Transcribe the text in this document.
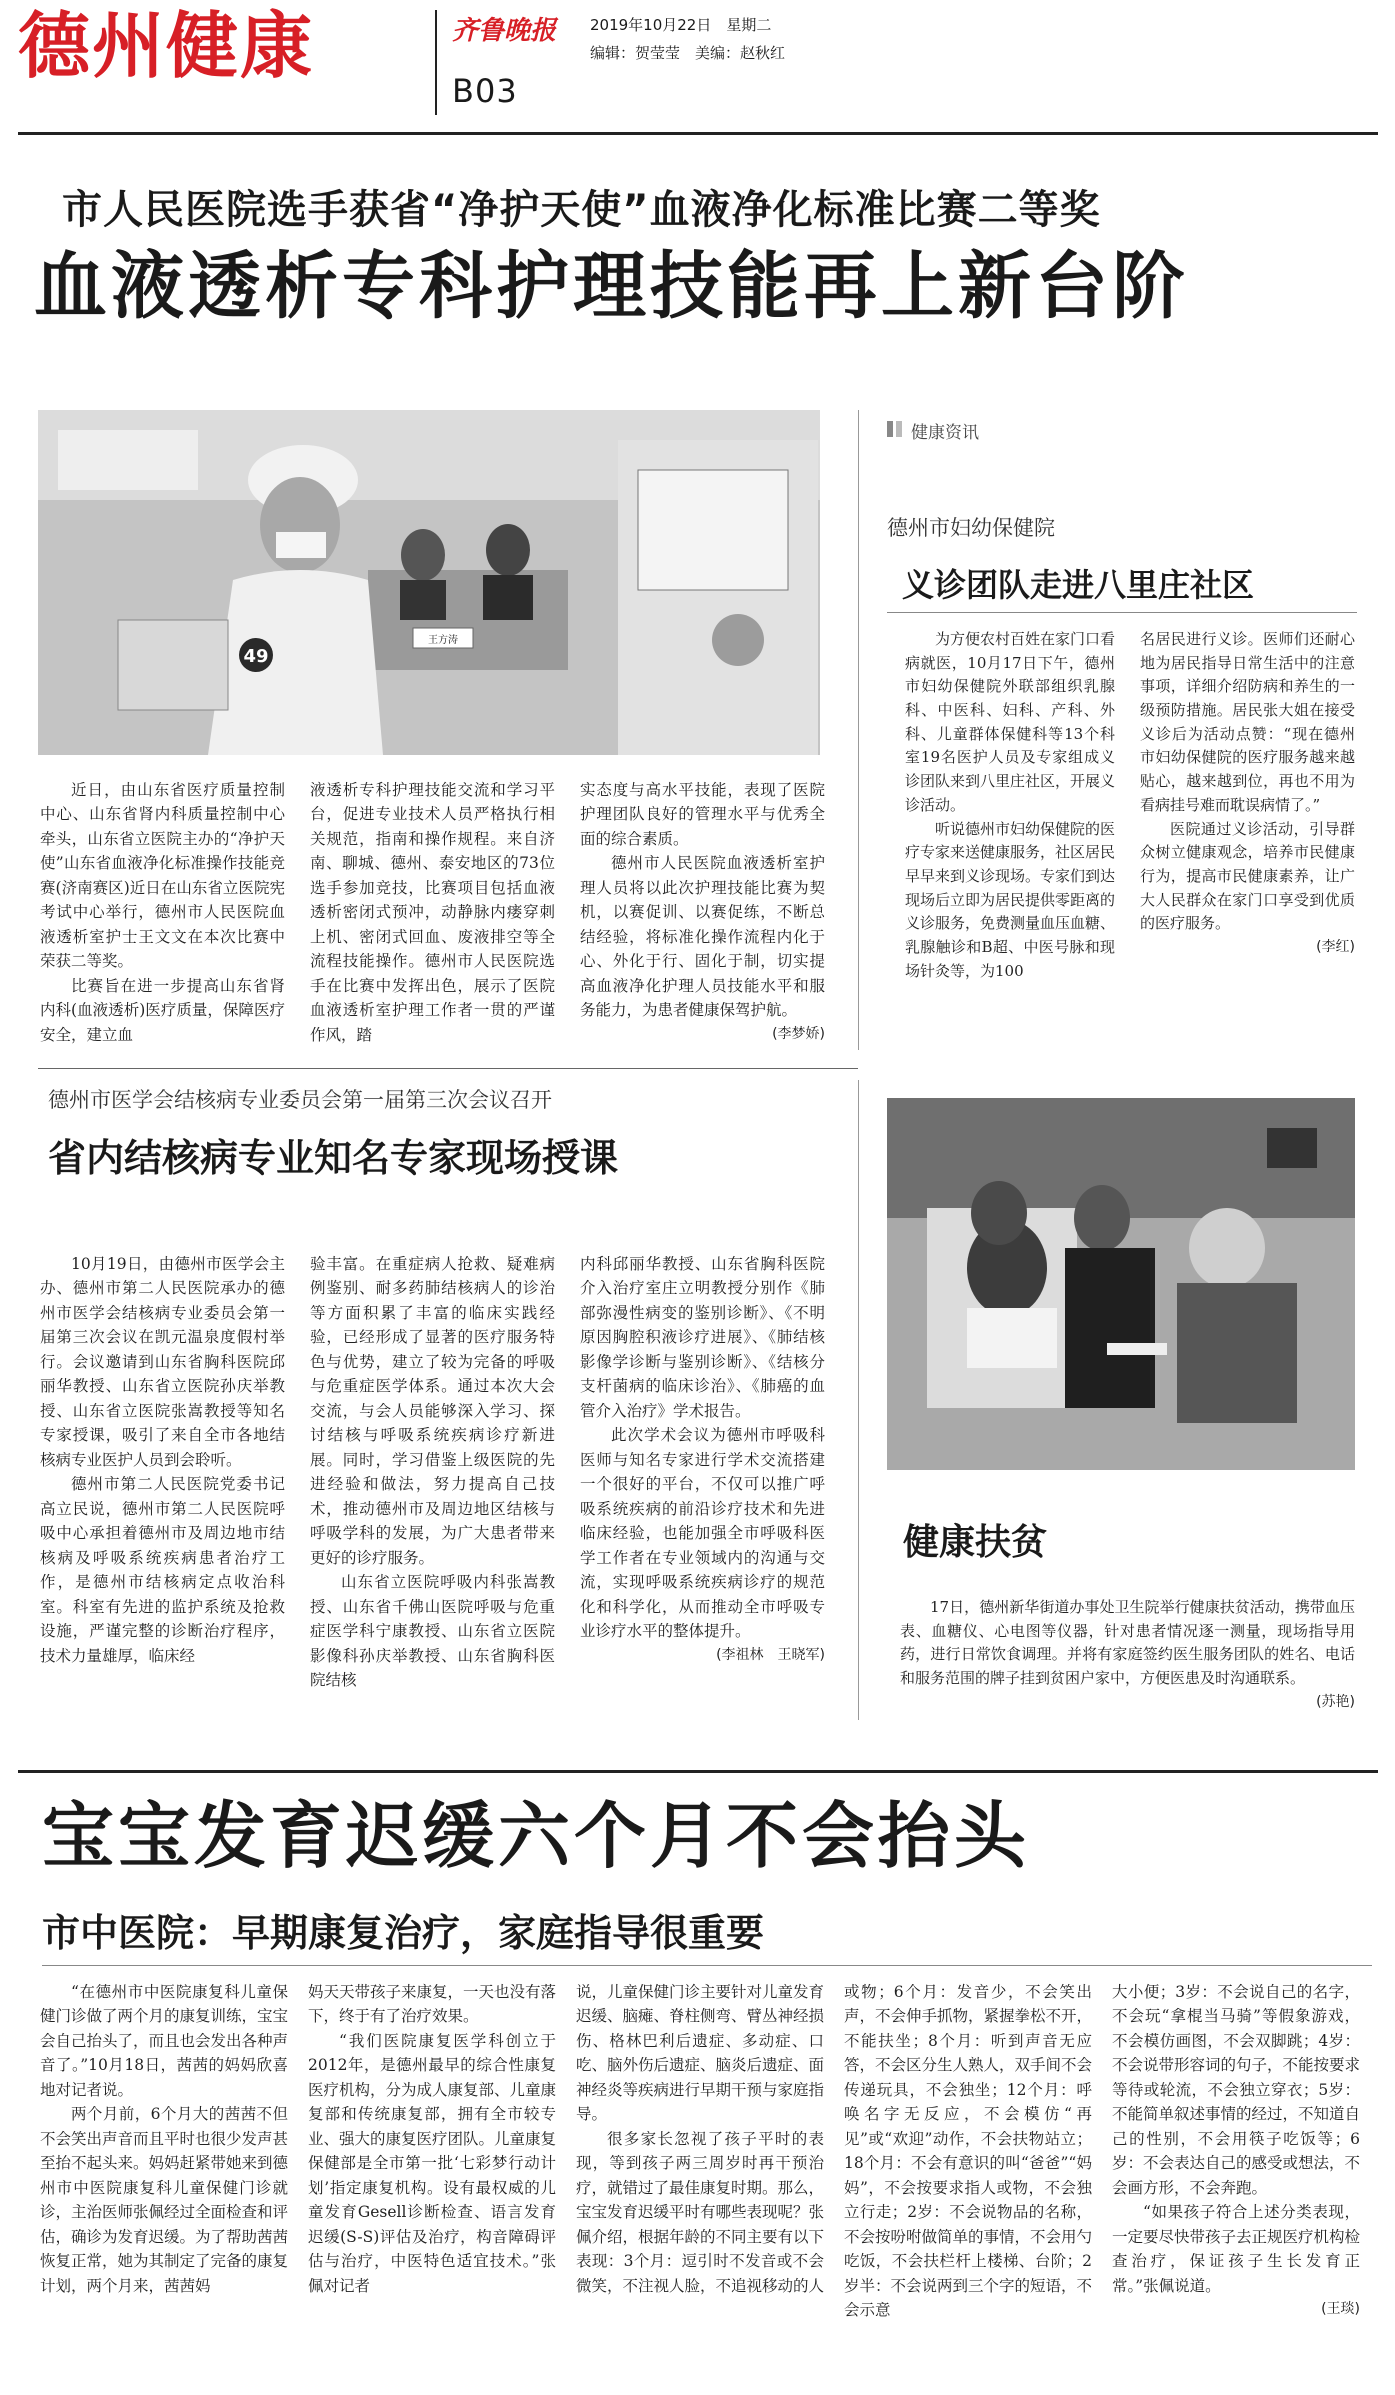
德州健康	齐鲁晚报
B03
2019年10月22日　星期二
编辑：贺莹莹　美编：赵秋红
市人民医院选手获省“净护天使”血液净化标准比赛二等奖
血液透析专科护理技能再上新台阶
49
王方涛

近日，由山东省医疗质量控制中心、山东省肾内科质量控制中心牵头，山东省立医院主办的“净护天使”山东省血液净化标准操作技能竞赛(济南赛区)近日在山东省立医院宪考试中心举行，德州市人民医院血液透析室护士王文文在本次比赛中荣获二等奖。

比赛旨在进一步提高山东省肾内科(血液透析)医疗质量，保障医疗安全，建立血

液透析专科护理技能交流和学习平台，促进专业技术人员严格执行相关规范，指南和操作规程。来自济南、聊城、德州、泰安地区的73位选手参加竞技，比赛项目包括血液透析密闭式预冲，动静脉内瘘穿刺上机、密闭式回血、废液排空等全流程技能操作。德州市人民医院选手在比赛中发挥出色，展示了医院血液透析室护理工作者一贯的严谨作风，踏

实态度与高水平技能，表现了医院护理团队良好的管理水平与优秀全面的综合素质。

德州市人民医院血液透析室护理人员将以此次护理技能比赛为契机，以赛促训、以赛促练，不断总结经验，将标准化操作流程内化于心、外化于行、固化于制，切实提高血液净化护理人员技能水平和服务能力，为患者健康保驾护航。

(李梦娇)
健康资讯
德州市妇幼保健院
义诊团队走进八里庄社区

为方便农村百姓在家门口看病就医，10月17日下午，德州市妇幼保健院外联部组织乳腺科、中医科、妇科、产科、外科、儿童群体保健科等13个科室19名医护人员及专家组成义诊团队来到八里庄社区，开展义诊活动。

听说德州市妇幼保健院的医疗专家来送健康服务，社区居民早早来到义诊现场。专家们到达现场后立即为居民提供零距离的义诊服务，免费测量血压血糖、乳腺触诊和B超、中医号脉和现场针灸等，为100

名居民进行义诊。医师们还耐心地为居民指导日常生活中的注意事项，详细介绍防病和养生的一级预防措施。居民张大姐在接受义诊后为活动点赞：“现在德州市妇幼保健院的医疗服务越来越贴心，越来越到位，再也不用为看病挂号难而耽误病情了。”

医院通过义诊活动，引导群众树立健康观念，培养市民健康行为，提高市民健康素养，让广大人民群众在家门口享受到优质的医疗服务。

(李红)
德州市医学会结核病专业委员会第一届第三次会议召开
省内结核病专业知名专家现场授课

10月19日，由德州市医学会主办、德州市第二人民医院承办的德州市医学会结核病专业委员会第一届第三次会议在凯元温泉度假村举行。会议邀请到山东省胸科医院邱丽华教授、山东省立医院孙庆举教授、山东省立医院张嵩教授等知名专家授课，吸引了来自全市各地结核病专业医护人员到会聆听。

德州市第二人民医院党委书记高立民说，德州市第二人民医院呼吸中心承担着德州市及周边地市结核病及呼吸系统疾病患者治疗工作，是德州市结核病定点收治科室。科室有先进的监护系统及抢救设施，严谨完整的诊断治疗程序，技术力量雄厚，临床经

验丰富。在重症病人抢救、疑难病例鉴别、耐多药肺结核病人的诊治等方面积累了丰富的临床实践经验，已经形成了显著的医疗服务特色与优势，建立了较为完备的呼吸与危重症医学体系。通过本次大会交流，与会人员能够深入学习、探讨结核与呼吸系统疾病诊疗新进展。同时，学习借鉴上级医院的先进经验和做法，努力提高自己技术，推动德州市及周边地区结核与呼吸学科的发展，为广大患者带来更好的诊疗服务。

山东省立医院呼吸内科张嵩教授、山东省千佛山医院呼吸与危重症医学科宁康教授、山东省立医院影像科孙庆举教授、山东省胸科医院结核

内科邱丽华教授、山东省胸科医院介入治疗室庄立明教授分别作《肺部弥漫性病变的鉴别诊断》、《不明原因胸腔积液诊疗进展》、《肺结核影像学诊断与鉴别诊断》、《结核分支杆菌病的临床诊治》、《肺癌的血管介入治疗》学术报告。

此次学术会议为德州市呼吸科医师与知名专家进行学术交流搭建一个很好的平台，不仅可以推广呼吸系统疾病的前沿诊疗技术和先进临床经验，也能加强全市呼吸科医学工作者在专业领域内的沟通与交流，实现呼吸系统疾病诊疗的规范化和科学化，从而推动全市呼吸专业诊疗水平的整体提升。

(李祖林　王晓军)
健康扶贫

17日，德州新华街道办事处卫生院举行健康扶贫活动，携带血压表、血糖仪、心电图等仪器，针对患者情况逐一测量，现场指导用药，进行日常饮食调理。并将有家庭签约医生服务团队的姓名、电话和服务范围的牌子挂到贫困户家中，方便医患及时沟通联系。

(苏艳)
宝宝发育迟缓六个月不会抬头
市中医院：早期康复治疗，家庭指导很重要

“在德州市中医院康复科儿童保健门诊做了两个月的康复训练，宝宝会自己抬头了，而且也会发出各种声音了。”10月18日，茜茜的妈妈欣喜地对记者说。

两个月前，6个月大的茜茜不但不会笑出声音而且平时也很少发声甚至抬不起头来。妈妈赶紧带她来到德州市中医院康复科儿童保健门诊就诊，主治医师张佩经过全面检查和评估，确诊为发育迟缓。为了帮助茜茜恢复正常，她为其制定了完备的康复计划，两个月来，茜茜妈

妈天天带孩子来康复，一天也没有落下，终于有了治疗效果。

“我们医院康复医学科创立于2012年，是德州最早的综合性康复医疗机构，分为成人康复部、儿童康复部和传统康复部，拥有全市较专业、强大的康复医疗团队。儿童康复保健部是全市第一批‘七彩梦行动计划’指定康复机构。设有最权威的儿童发育Gesell诊断检查、语言发育迟缓(S-S)评估及治疗，构音障碍评估与治疗，中医特色适宜技术。”张佩对记者

说，儿童保健门诊主要针对儿童发育迟缓、脑瘫、脊柱侧弯、臂丛神经损伤、格林巴利后遗症、多动症、口吃、脑外伤后遗症、脑炎后遗症、面神经炎等疾病进行早期干预与家庭指导。

很多家长忽视了孩子平时的表现，等到孩子两三周岁时再干预治疗，就错过了最佳康复时期。那么，宝宝发育迟缓平时有哪些表现呢？张佩介绍，根据年龄的不同主要有以下表现：3个月：逗引时不发音或不会微笑，不注视人脸，不追视移动的人

或物；6个月：发音少，不会笑出声，不会伸手抓物，紧握拳松不开，不能扶坐；8个月：听到声音无应答，不会区分生人熟人，双手间不会传递玩具，不会独坐；12个月：呼唤名字无反应，不会模仿“再见”或“欢迎”动作，不会扶物站立；18个月：不会有意识的叫“爸爸”“妈妈”，不会按要求指人或物，不会独立行走；2岁：不会说物品的名称，不会按吩咐做简单的事情，不会用勺吃饭，不会扶栏杆上楼梯、台阶；2岁半：不会说两到三个字的短语，不会示意

大小便；3岁：不会说自己的名字，不会玩“拿棍当马骑”等假象游戏，不会模仿画图，不会双脚跳；4岁：不会说带形容词的句子，不能按要求等待或轮流，不会独立穿衣；5岁：不能简单叙述事情的经过，不知道自己的性别，不会用筷子吃饭等；6岁：不会表达自己的感受或想法，不会画方形，不会奔跑。

“如果孩子符合上述分类表现，一定要尽快带孩子去正规医疗机构检查治疗，保证孩子生长发育正常。”张佩说道。

(王琰)
